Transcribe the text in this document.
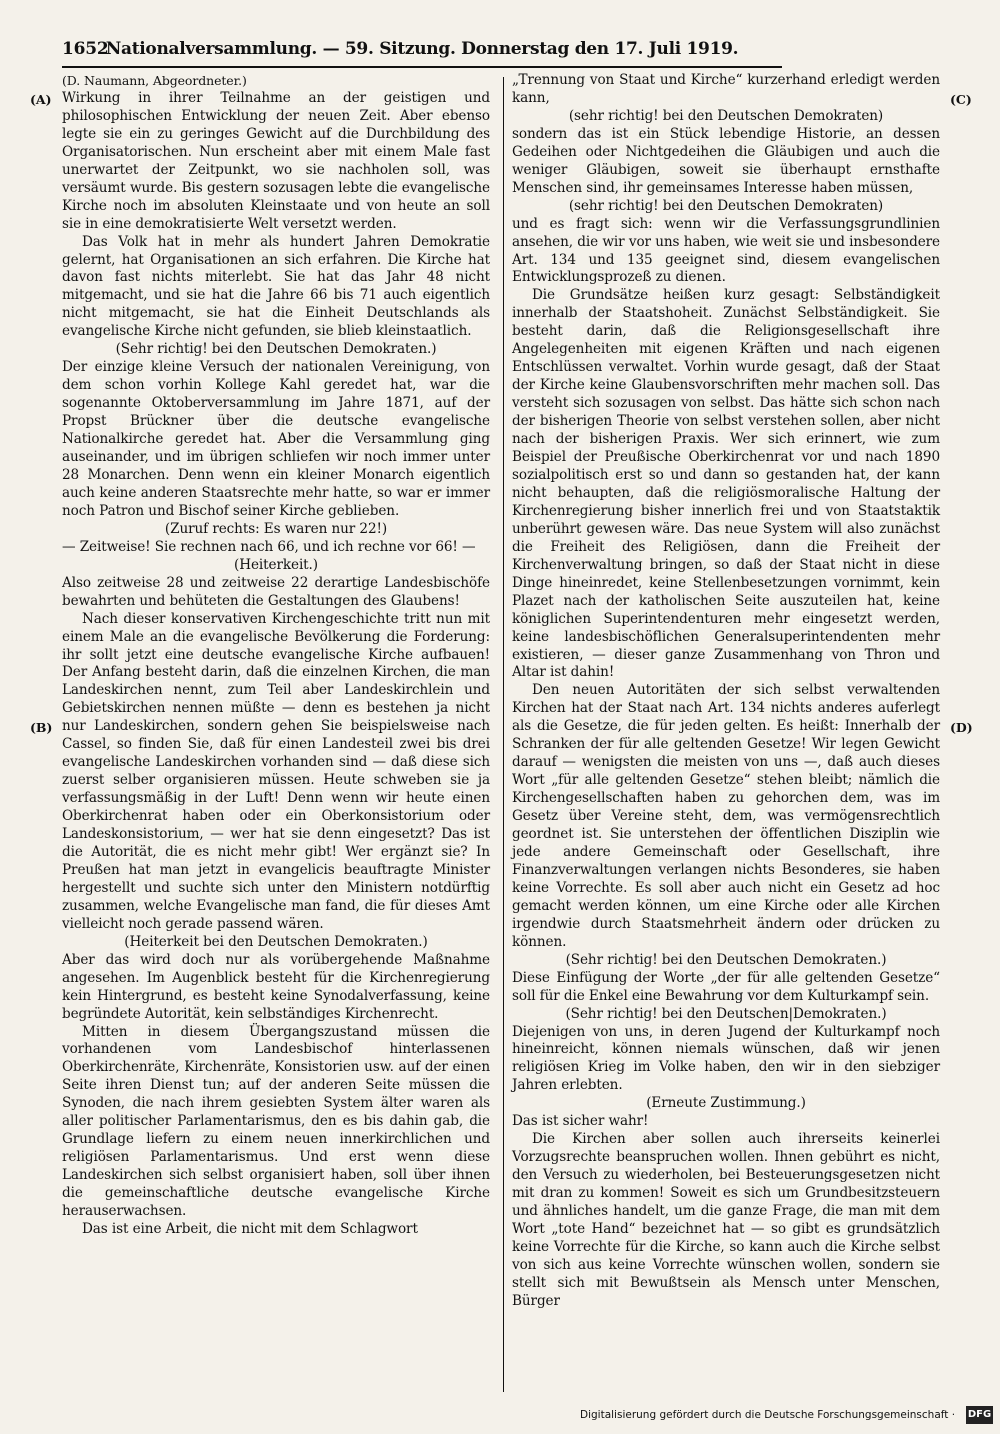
1652
Nationalversammlung. — 59. Sitzung. Donnerstag den 17. Juli 1919.

(D. Naumann, Abgeordneter.)

Wirkung in ihrer Teilnahme an der geistigen und philosophischen Entwicklung der neuen Zeit. Aber ebenso legte sie ein zu geringes Gewicht auf die Durchbildung des Organisatorischen. Nun erscheint aber mit einem Male fast unerwartet der Zeitpunkt, wo sie nachholen soll, was versäumt wurde. Bis gestern sozusagen lebte die evangelische Kirche noch im absoluten Kleinstaate und von heute an soll sie in eine demokratisierte Welt versetzt werden.

Das Volk hat in mehr als hundert Jahren Demokratie gelernt, hat Organisationen an sich erfahren. Die Kirche hat davon fast nichts miterlebt. Sie hat das Jahr 48 nicht mitgemacht, und sie hat die Jahre 66 bis 71 auch eigentlich nicht mitgemacht, sie hat die Einheit Deutschlands als evangelische Kirche nicht gefunden, sie blieb kleinstaatlich.

(Sehr richtig! bei den Deutschen Demokraten.)

Der einzige kleine Versuch der nationalen Vereinigung, von dem schon vorhin Kollege Kahl geredet hat, war die sogenannte Oktoberversammlung im Jahre 1871, auf der Propst Brückner über die deutsche evangelische Nationalkirche geredet hat. Aber die Versammlung ging auseinander, und im übrigen schliefen wir noch immer unter 28 Monarchen. Denn wenn ein kleiner Monarch eigentlich auch keine anderen Staatsrechte mehr hatte, so war er immer noch Patron und Bischof seiner Kirche geblieben.

(Zuruf rechts: Es waren nur 22!)

— Zeitweise! Sie rechnen nach 66, und ich rechne vor 66! —

(Heiterkeit.)

Also zeitweise 28 und zeitweise 22 derartige Landesbischöfe bewahrten und behüteten die Gestaltungen des Glaubens!

Nach dieser konservativen Kirchengeschichte tritt nun mit einem Male an die evangelische Bevölkerung die Forderung: ihr sollt jetzt eine deutsche evangelische Kirche aufbauen! Der Anfang besteht darin, daß die einzelnen Kirchen, die man Landeskirchen nennt, zum Teil aber Landeskirchlein und Gebietskirchen nennen müßte — denn es bestehen ja nicht nur Landeskirchen, sondern gehen Sie beispielsweise nach Cassel, so finden Sie, daß für einen Landesteil zwei bis drei evangelische Landeskirchen vorhanden sind — daß diese sich zuerst selber organisieren müssen. Heute schweben sie ja verfassungsmäßig in der Luft! Denn wenn wir heute einen Oberkirchenrat haben oder ein Oberkonsistorium oder Landeskonsistorium, — wer hat sie denn eingesetzt? Das ist die Autorität, die es nicht mehr gibt! Wer ergänzt sie? In Preußen hat man jetzt in evangelicis beauftragte Minister hergestellt und suchte sich unter den Ministern notdürftig zusammen, welche Evangelische man fand, die für dieses Amt vielleicht noch gerade passend wären.

(Heiterkeit bei den Deutschen Demokraten.)

Aber das wird doch nur als vorübergehende Maßnahme angesehen. Im Augenblick besteht für die Kirchenregierung kein Hintergrund, es besteht keine Synodalverfassung, keine begründete Autorität, kein selbständiges Kirchenrecht.

Mitten in diesem Übergangszustand müssen die vorhandenen vom Landesbischof hinterlassenen Oberkirchenräte, Kirchenräte, Konsistorien usw. auf der einen Seite ihren Dienst tun; auf der anderen Seite müssen die Synoden, die nach ihrem gesiebten System älter waren als aller politischer Parlamentarismus, den es bis dahin gab, die Grundlage liefern zu einem neuen innerkirchlichen und religiösen Parlamentarismus. Und erst wenn diese Landeskirchen sich selbst organisiert haben, soll über ihnen die gemeinschaftliche deutsche evangelische Kirche herauserwachsen.

Das ist eine Arbeit, die nicht mit dem Schlagwort

„Trennung von Staat und Kirche“ kurzerhand erledigt werden kann,

(sehr richtig! bei den Deutschen Demokraten)

sondern das ist ein Stück lebendige Historie, an dessen Gedeihen oder Nichtgedeihen die Gläubigen und auch die weniger Gläubigen, soweit sie überhaupt ernsthafte Menschen sind, ihr gemeinsames Interesse haben müssen,

(sehr richtig! bei den Deutschen Demokraten)

und es fragt sich: wenn wir die Verfassungsgrundlinien ansehen, die wir vor uns haben, wie weit sie und insbesondere Art. 134 und 135 geeignet sind, diesem evangelischen Entwicklungsprozeß zu dienen.

Die Grundsätze heißen kurz gesagt: Selbständigkeit innerhalb der Staatshoheit. Zunächst Selbständigkeit. Sie besteht darin, daß die Religionsgesellschaft ihre Angelegenheiten mit eigenen Kräften und nach eigenen Entschlüssen verwaltet. Vorhin wurde gesagt, daß der Staat der Kirche keine Glaubensvorschriften mehr machen soll. Das versteht sich sozusagen von selbst. Das hätte sich schon nach der bisherigen Theorie von selbst verstehen sollen, aber nicht nach der bisherigen Praxis. Wer sich erinnert, wie zum Beispiel der Preußische Oberkirchenrat vor und nach 1890 sozialpolitisch erst so und dann so gestanden hat, der kann nicht behaupten, daß die religiösmoralische Haltung der Kirchenregierung bisher innerlich frei und von Staatstaktik unberührt gewesen wäre. Das neue System will also zunächst die Freiheit des Religiösen, dann die Freiheit der Kirchenverwaltung bringen, so daß der Staat nicht in diese Dinge hineinredet, keine Stellenbesetzungen vornimmt, kein Plazet nach der katholischen Seite auszuteilen hat, keine königlichen Superintendenturen mehr eingesetzt werden, keine landesbischöflichen Generalsuperintendenten mehr existieren, — dieser ganze Zusammenhang von Thron und Altar ist dahin!

Den neuen Autoritäten der sich selbst verwaltenden Kirchen hat der Staat nach Art. 134 nichts anderes auferlegt als die Gesetze, die für jeden gelten. Es heißt: Innerhalb der Schranken der für alle geltenden Gesetze! Wir legen Gewicht darauf — wenigsten die meisten von uns —, daß auch dieses Wort „für alle geltenden Gesetze“ stehen bleibt; nämlich die Kirchengesellschaften haben zu gehorchen dem, was im Gesetz über Vereine steht, dem, was vermögensrechtlich geordnet ist. Sie unterstehen der öffentlichen Disziplin wie jede andere Gemeinschaft oder Gesellschaft, ihre Finanzverwaltungen verlangen nichts Besonderes, sie haben keine Vorrechte. Es soll aber auch nicht ein Gesetz ad hoc gemacht werden können, um eine Kirche oder alle Kirchen irgendwie durch Staatsmehrheit ändern oder drücken zu können.

(Sehr richtig! bei den Deutschen Demokraten.)

Diese Einfügung der Worte „der für alle geltenden Gesetze“ soll für die Enkel eine Bewahrung vor dem Kulturkampf sein.

(Sehr richtig! bei den Deutschen|Demokraten.)

Diejenigen von uns, in deren Jugend der Kulturkampf noch hineinreicht, können niemals wünschen, daß wir jenen religiösen Krieg im Volke haben, den wir in den siebziger Jahren erlebten.

(Erneute Zustimmung.)

Das ist sicher wahr!

Die Kirchen aber sollen auch ihrerseits keinerlei Vorzugsrechte beanspruchen wollen. Ihnen gebührt es nicht, den Versuch zu wiederholen, bei Besteuerungsgesetzen nicht mit dran zu kommen! Soweit es sich um Grundbesitzsteuern und ähnliches handelt, um die ganze Frage, die man mit dem Wort „tote Hand“ bezeichnet hat — so gibt es grundsätzlich keine Vorrechte für die Kirche, so kann auch die Kirche selbst von sich aus keine Vorrechte wünschen wollen, sondern sie stellt sich mit Bewußtsein als Mensch unter Menschen, Bürger

(A)
(B)
(C)
(D)
Digitalisierung gefördert durch die Deutsche Forschungsgemeinschaft · DFG
